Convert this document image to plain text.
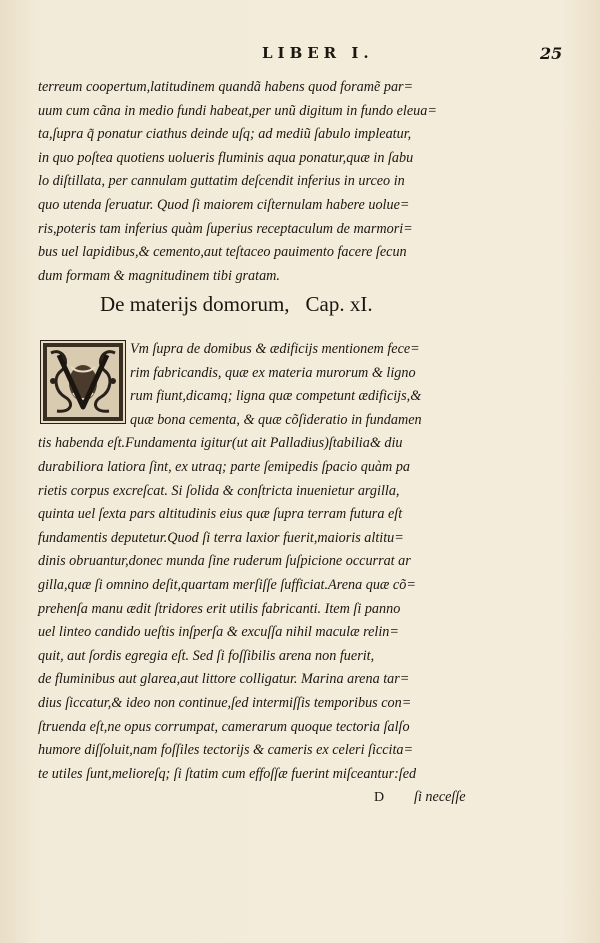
LIBER I.	25
terreum coopertum,latitudinem quandã habens quod foramẽ par=
uum cum cãna in medio fundi habeat,per unũ digitum in fundo eleua=
ta,ſupra q̃ ponatur ciathus deinde uſq; ad mediũ ſabulo impleatur,
in quo poſtea quotiens uolueris fluminis aqua ponatur,quæ in ſabu
lo diſtillata, per cannulam guttatim deſcendit inferius in urceo in
quo utenda ſeruatur. Quod ſi maiorem ciſternulam habere uolue=
ris,poteris tam inferius quàm ſuperius receptaculum de marmori=
bus uel lapidibus,& cemento,aut teſtaceo pauimento facere ſecun
dum formam & magnitudinem tibi gratam.
De materijs domorum, Cap. xI.
Vm ſupra de domibus & ædificijs mentionem fece=
rim fabricandis, quæ ex materia murorum & ligno
rum fiunt,dicamq; ligna quæ competunt ædificijs,&
quæ bona cementa, & quæ cõſideratio in fundamen
tis habenda eſt.Fundamenta igitur(ut ait Palladius)ſtabilia& diu
durabiliora latiora ſint, ex utraq; parte ſemipedis ſpacio quàm pa
rietis corpus excreſcat. Si ſolida & conſtricta inuenietur argilla,
quinta uel ſexta pars altitudinis eius quæ ſupra terram futura eſt
fundamentis deputetur.Quod ſi terra laxior fuerit,maioris altitu=
dinis obruantur,donec munda ſine ruderum ſuſpicione occurrat ar
gilla,quæ ſi omnino deſit,quartam merſiſſe ſufficiat.Arena quæ cõ=
prehenſa manu ædit ſtridores erit utilis fabricanti. Item ſi panno
uel linteo candido ueſtis inſperſa & excuſſa nihil maculæ relin=
quit, aut ſordis egregia eſt. Sed ſi foſſibilis arena non fuerit,
de fluminibus aut glarea,aut littore colligatur. Marina arena tar=
dius ſiccatur,& ideo non continue,ſed intermiſſis temporibus con=
ſtruenda eſt,ne opus corrumpat, camerarum quoque tectoria ſalſo
humore diſſoluit,nam foſſiles tectorijs & cameris ex celeri ſiccita=
te utiles ſunt,melioreſq; ſi ſtatim cum effoſſæ fuerint miſceantur:ſed
D ſi neceſſe
